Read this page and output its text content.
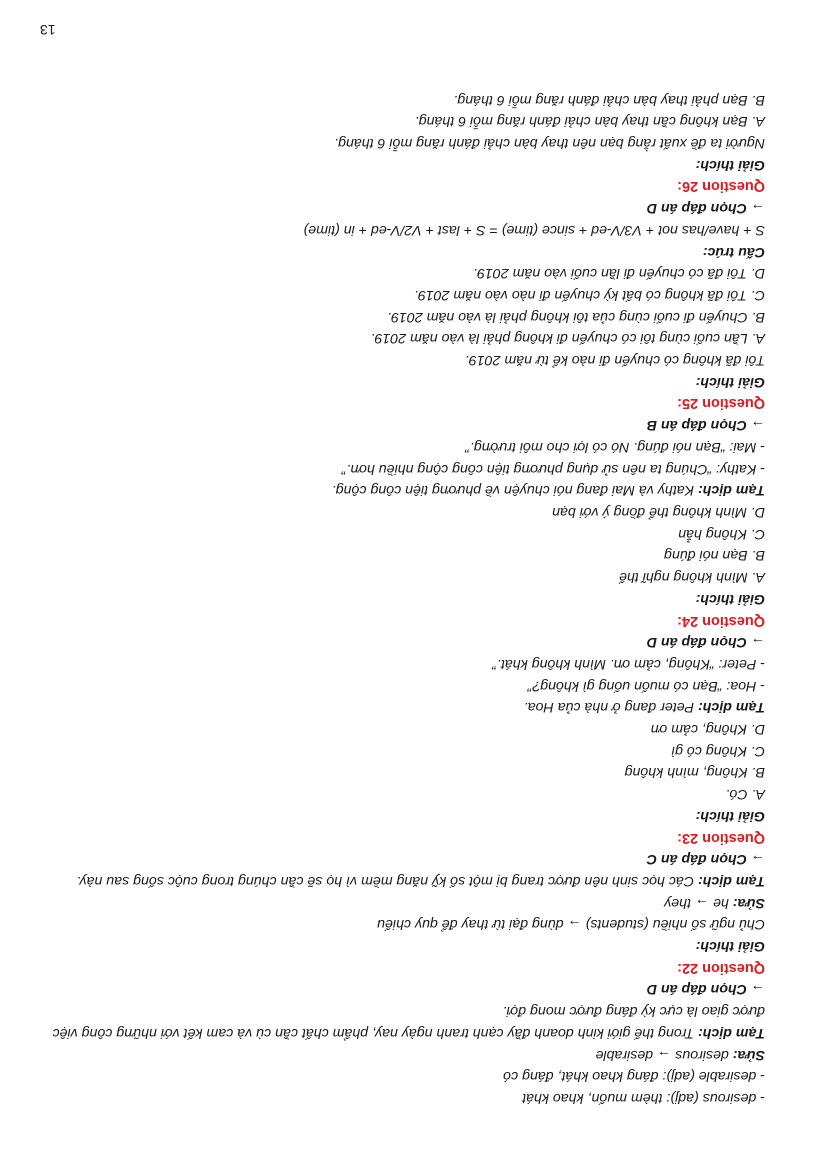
- desirous (adj): thèm muốn, khao khát
- desirable (adj): đáng khao khát, đáng có
Sửa: desirous → desirable
Tạm dịch: Trong thế giới kinh doanh đầy cạnh tranh ngày nay, phẩm chất cần cù và cam kết với những công việc được giao là cực kỳ đáng được mong đợi.
→ Chọn đáp án D
Question 22:
Giải thích:
Chủ ngữ số nhiều (students) → dùng đại từ thay để quy chiếu
Sửa: he → they
Tạm dịch: Các học sinh nên được trang bị một số kỹ năng mềm vì họ sẽ cần chúng trong cuộc sống sau này.
→ Chọn đáp án C
Question 23:
Giải thích:
A. Có.
B. Không, mình không
C. Không có gì
D. Không, cảm ơn
Tạm dịch: Peter đang ở nhà của Hoa.
- Hoa: “Bạn có muốn uống gì không?”
- Peter: “Không, cảm ơn. Mình không khát.”
→ Chọn đáp án D
Question 24:
Giải thích:
A. Mình không nghĩ thế
B. Bạn nói đúng
C. Không hẳn
D. Mình không thể đồng ý với bạn
Tạm dịch: Kathy và Mai đang nói chuyện về phương tiện công cộng.
- Kathy: “Chúng ta nên sử dụng phương tiện công cộng nhiều hơn.”
- Mai: “Bạn nói đúng. Nó có lợi cho môi trường.”
→ Chọn đáp án B
Question 25:
Giải thích:
Tôi đã không có chuyến đi nào kể từ năm 2019.
A. Lần cuối cùng tôi có chuyến đi không phải là vào năm 2019.
B. Chuyến đi cuối cùng của tôi không phải là vào năm 2019.
C. Tôi đã không có bất kỳ chuyến đi nào vào năm 2019.
D. Tôi đã có chuyến đi lần cuối vào năm 2019.
Cấu trúc:
S + have/has not + V3/V-ed + since (time) = S + last + V2/V-ed + in (time)
→ Chọn đáp án D
Question 26:
Giải thích:
Người ta đề xuất rằng bạn nên thay bàn chải đánh răng mỗi 6 tháng.
A. Bạn không cần thay bàn chải đánh răng mỗi 6 tháng.
B. Bạn phải thay bàn chải đánh răng mỗi 6 tháng.
13
